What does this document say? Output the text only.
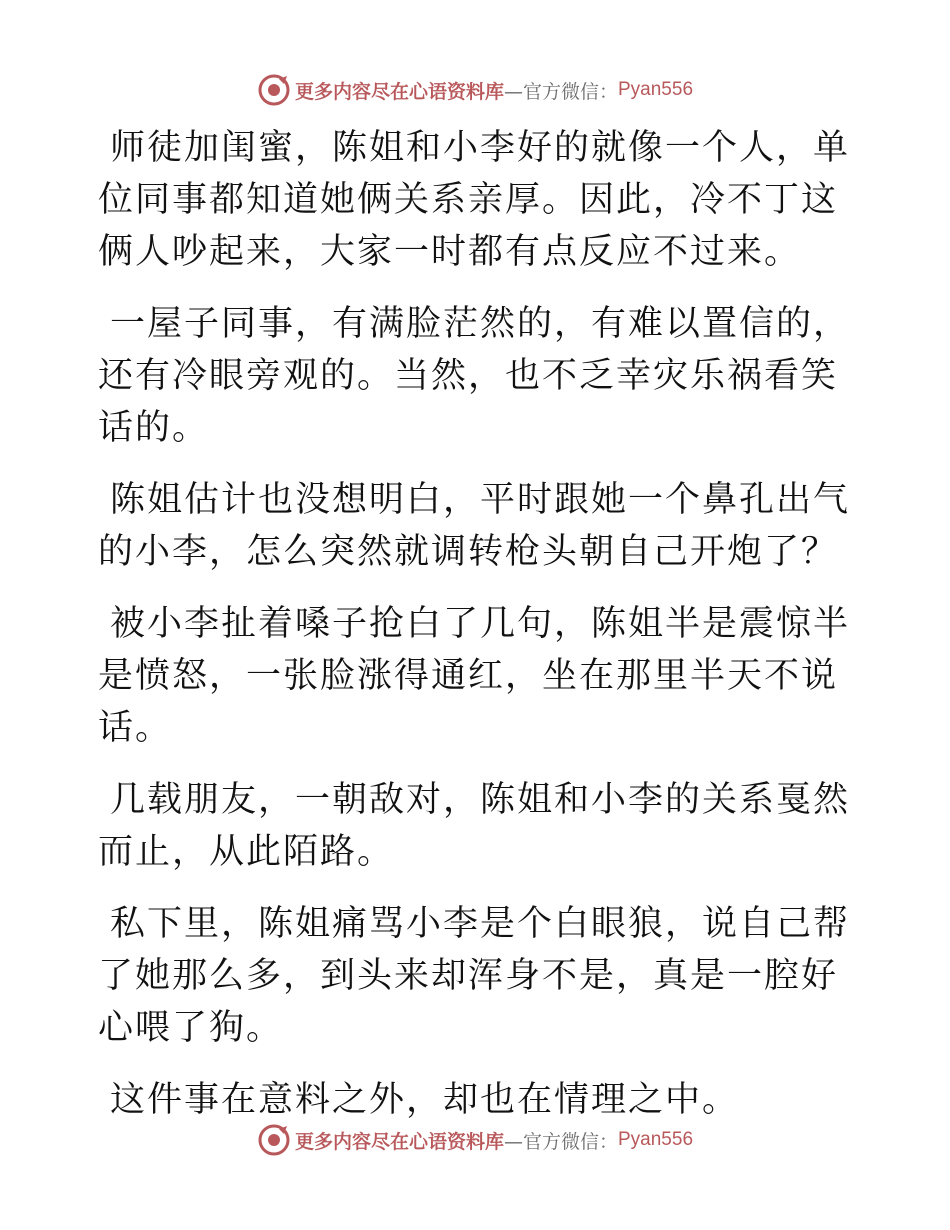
更多内容尽在心语资料库 —官方微信： Pyan556

师徒加闺蜜，陈姐和小李好的就像一个人，单位同事都知道她俩关系亲厚。因此，冷不丁这俩人吵起来，大家一时都有点反应不过来。

一屋子同事，有满脸茫然的，有难以置信的，还有冷眼旁观的。当然，也不乏幸灾乐祸看笑话的。

陈姐估计也没想明白，平时跟她一个鼻孔出气的小李，怎么突然就调转枪头朝自己开炮了？

被小李扯着嗓子抢白了几句，陈姐半是震惊半是愤怒，一张脸涨得通红，坐在那里半天不说话。

几载朋友，一朝敌对，陈姐和小李的关系戛然而止，从此陌路。

私下里，陈姐痛骂小李是个白眼狼，说自己帮了她那么多，到头来却浑身不是，真是一腔好心喂了狗。

这件事在意料之外，却也在情理之中。

更多内容尽在心语资料库 —官方微信： Pyan556
